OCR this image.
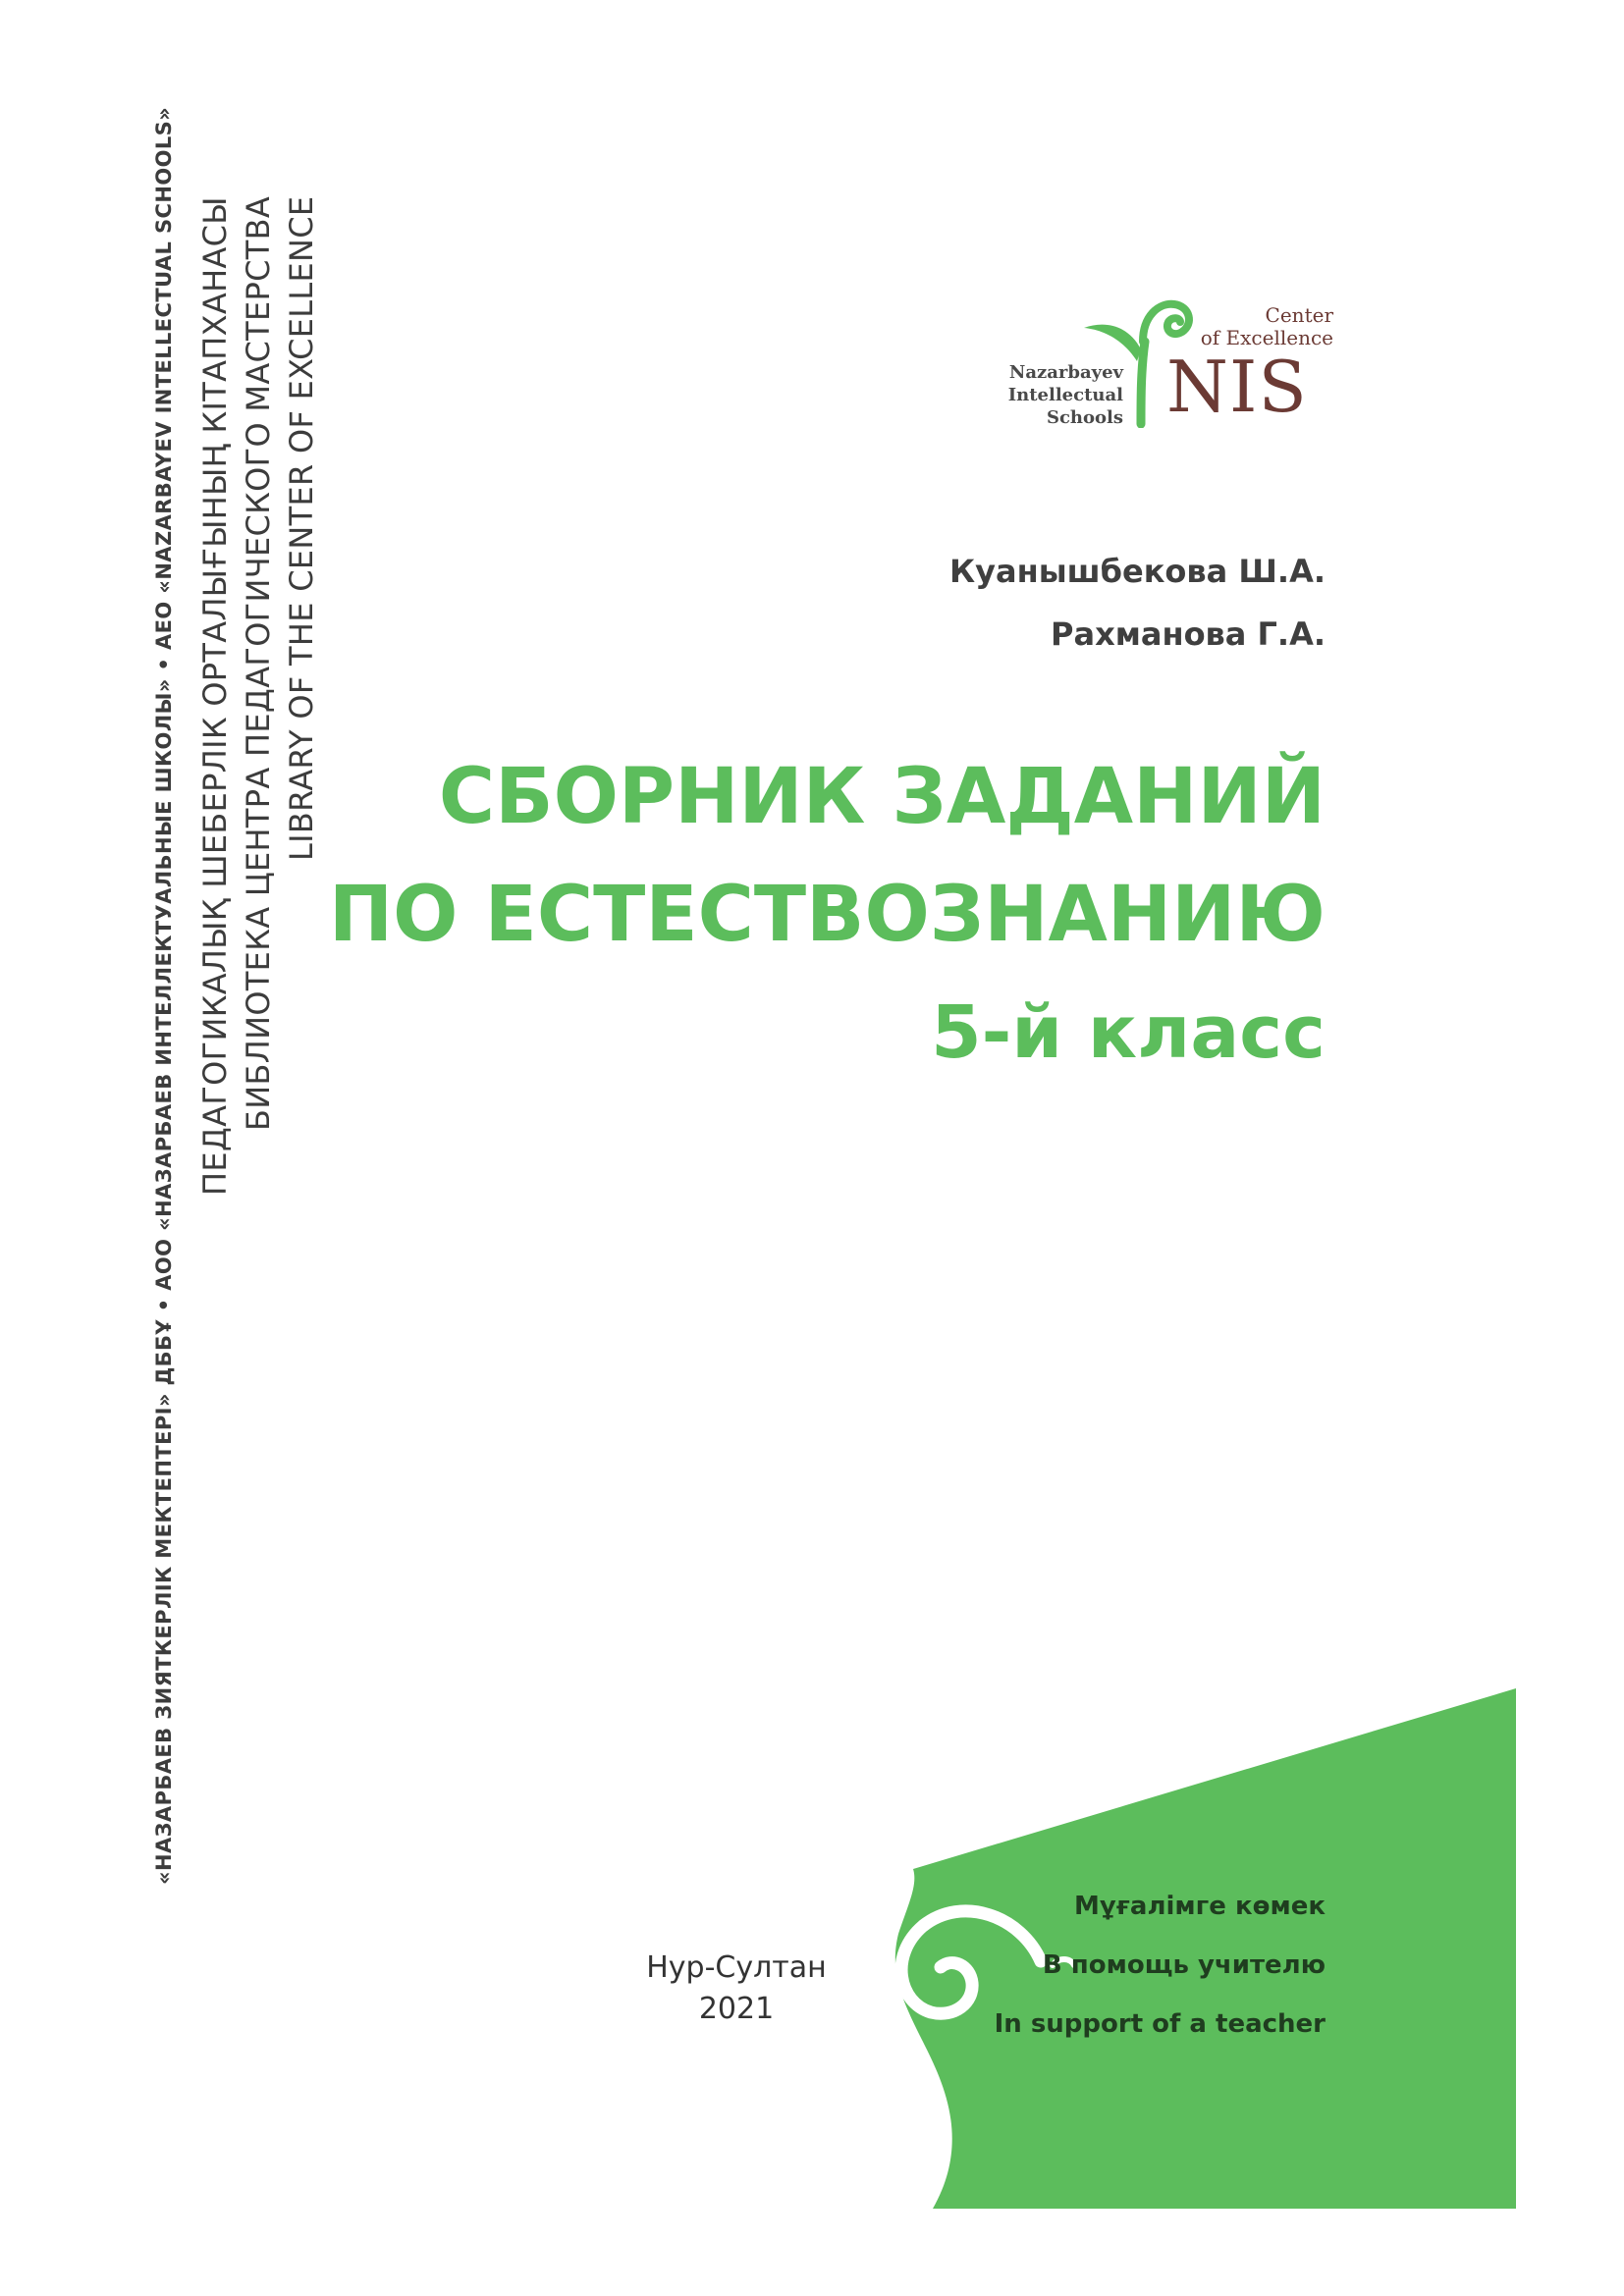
«НАЗАРБАЕВ ЗИЯТКЕРЛІК МЕКТЕПТЕРІ» ДББҰ • АОО «НАЗАРБАЕВ ИНТЕЛЛЕКТУАЛЬНЫЕ ШКОЛЫ» • АЕО «NAZARBAYEV INTELLECTUAL SCHOOLS» ПЕДАГОГИКАЛЫҚ ШЕБЕРЛІК ОРТАЛЫҒЫНЫҢ КІТАПХАНАСЫ БИБЛИОТЕКА ЦЕНТРА ПЕДАГОГИЧЕСКОГО МАСТЕРСТВА LIBRARY OF THE CENTER OF EXCELLENCE	Center
of Excellence
NIS
Nazarbayev
Intellectual
Schools
Куанышбекова Ш.А.
Рахманова Г.А.
СБОРНИК ЗАДАНИЙ
ПО ЕСТЕСТВОЗНАНИЮ
5-й класс
Нур-Султан
2021
Мұғалімге көмек
В помощь учителю
In support of a teacher
